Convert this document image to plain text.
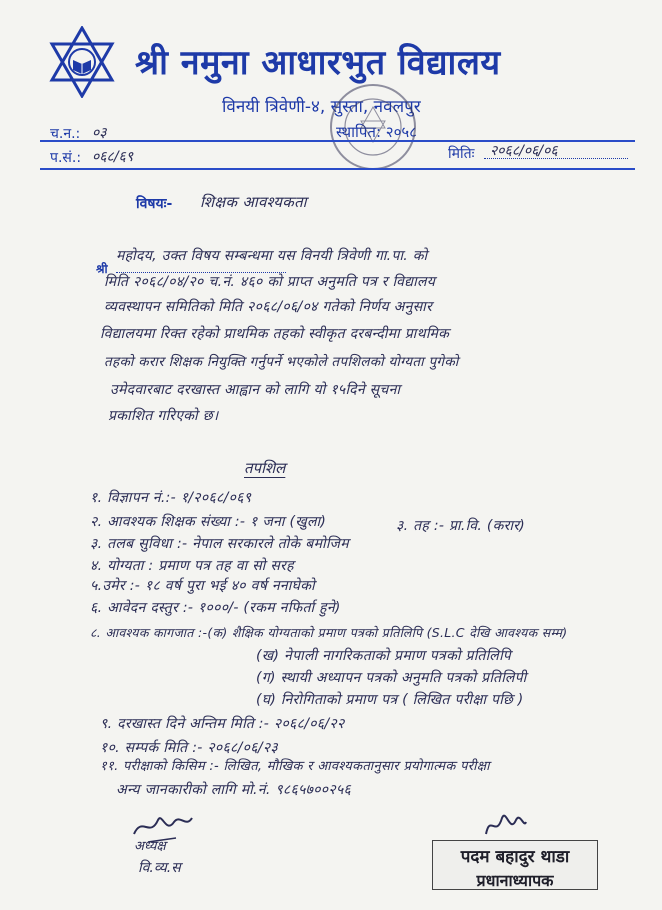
श्री नमुना आधारभुत विद्यालय
विनयी त्रिवेणी-४, सुस्ता, नवलपुर
स्थापित: २०५८
च.न.: ०३
प.सं.: ०६८/६९	मितिः २०६८/०६/०६
विषयः- शिक्षक आवश्यकता
श्री
महोदय, उक्त विषय सम्बन्धमा यस विनयी त्रिवेणी गा.पा. को
मिति २०६८/०४/२० च.नं. ४६० को प्राप्त अनुमति पत्र र विद्यालय
व्यवस्थापन समितिको मिति २०६८/०६/०४ गतेको निर्णय अनुसार
विद्यालयमा रिक्त रहेको प्राथमिक तहको स्वीकृत दरबन्दीमा प्राथमिक
तहको करार शिक्षक नियुक्ति गर्नुपर्ने भएकोले तपशिलको योग्यता पुगेको
उमेदवारबाट दरखास्त आह्वान को लागि यो १५दिने सूचना
प्रकाशित गरिएको छ।
तपशिल
१. विज्ञापन नं.:- १/२०६८/०६९
२. आवश्यक शिक्षक संख्या :- १ जना (खुला)	३. तह :- प्रा.वि. (करार)
३. तलब सुविधा :- नेपाल सरकारले तोके बमोजिम
४. योग्यता : प्रमाण पत्र तह वा सो सरह
५.उमेर :- १८ वर्ष पुरा भई ४० वर्ष ननाघेको
६. आवेदन दस्तुर :- १०००/- (रकम नफिर्ता हुने)
८. आवश्यक कागजात :-(क) शैक्षिक योग्यताको प्रमाण पत्रको प्रतिलिपि (S.L.C देखि आवश्यक सम्म)
(ख) नेपाली नागरिकताको प्रमाण पत्रको प्रतिलिपि
(ग) स्थायी अध्यापन पत्रको अनुमति पत्रको प्रतिलिपी
(घ) निरोगिताको प्रमाण पत्र ( लिखित परीक्षा पछि )
९. दरखास्त दिने अन्तिम मिति :- २०६८/०६/२२
१०. सम्पर्क मिति :- २०६८/०६/२३
११. परीक्षाको किसिम :- लिखित, मौखिक र आवश्यकतानुसार प्रयोगात्मक परीक्षा
अन्य जानकारीको लागि मो.नं. ९८६५७००२५६
अध्यक्ष
वि.व्य.स
पदम बहादुर थाडा
प्रधानाध्यापक
